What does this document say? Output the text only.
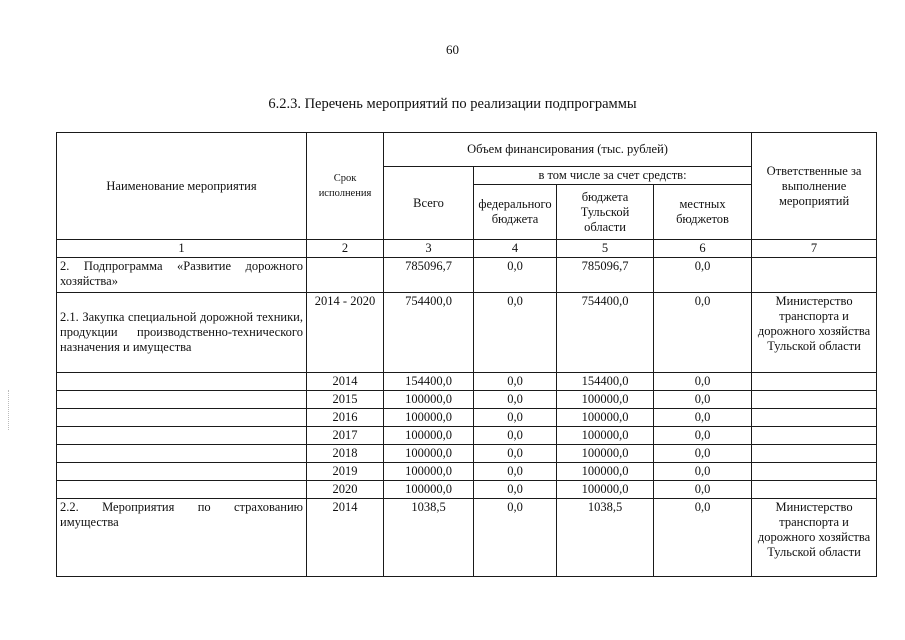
60
6.2.3. Перечень мероприятий по реализации подпрограммы
Наименование мероприятия	Срок исполнения	Объем финансирования (тыс. рублей)				Ответственные за выполнение мероприятий
		Всего	в том числе за счет средств:			
			федерального бюджета	бюджета Тульской области	местных бюджетов	
1	2	3	4	5	6	7
2. Подпрограмма «Развитие дорожного хозяйства»		785096,7	0,0	785096,7	0,0	
2.1. Закупка специальной дорожной техники, продукции производственно-технического назначения и имущества	2014 - 2020	754400,0	0,0	754400,0	0,0	Министерство транспорта и дорожного хозяйства Тульской области
	2014	154400,0	0,0	154400,0	0,0	
	2015	100000,0	0,0	100000,0	0,0	
	2016	100000,0	0,0	100000,0	0,0	
	2017	100000,0	0,0	100000,0	0,0	
	2018	100000,0	0,0	100000,0	0,0	
	2019	100000,0	0,0	100000,0	0,0	
	2020	100000,0	0,0	100000,0	0,0	
2.2. Мероприятия по страхованию имущества	2014	1038,5	0,0	1038,5	0,0	Министерство транспорта и дорожного хозяйства Тульской области
